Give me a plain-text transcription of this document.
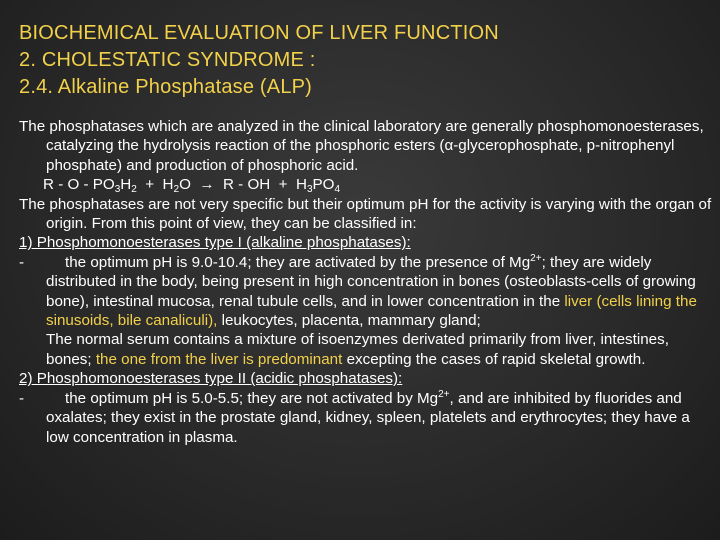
BIOCHEMICAL EVALUATION OF LIVER FUNCTION
2. CHOLESTATIC SYNDROME :
2.4. Alkaline Phosphatase (ALP)
The phosphatases which are analyzed in the clinical laboratory are generally phosphomonoesterases, catalyzing the hydrolysis reaction of the phosphoric esters (α-glycerophosphate, p-nitrophenyl phosphate) and production of phosphoric acid.
$R - O - PO_3H_2 + H_2O \to R$ - OH  +  $H_3PO_4$
The phosphatases are not very specific but their optimum pH for the activity is varying with the organ of origin. From this point of view, they can be classified in:
1) Phosphomonoesterases type I (alkaline phosphatases):
-	the optimum pH is 9.0-10.4; they are activated by the presence of $Mg^{2+}$; they are widely distributed in the body, being present in high concentration in bones (osteoblasts-cells of growing bone), intestinal mucosa, renal tubule cells, and in lower concentration in the liver (cells lining the sinusoids, bile canaliculi), leukocytes, placenta, mammary gland;
The normal serum contains a mixture of isoenzymes derivated primarily from liver, intestines, bones; the one from the liver is predominant excepting the cases of rapid skeletal growth.
2) Phosphomonoesterases type II (acidic phosphatases):
-	the optimum pH is 5.0-5.5; they are not activated by $Mg^{2+}$, and are inhibited by fluorides and oxalates; they exist in the prostate gland, kidney, spleen, platelets and erythrocytes; they have a low concentration in plasma.
